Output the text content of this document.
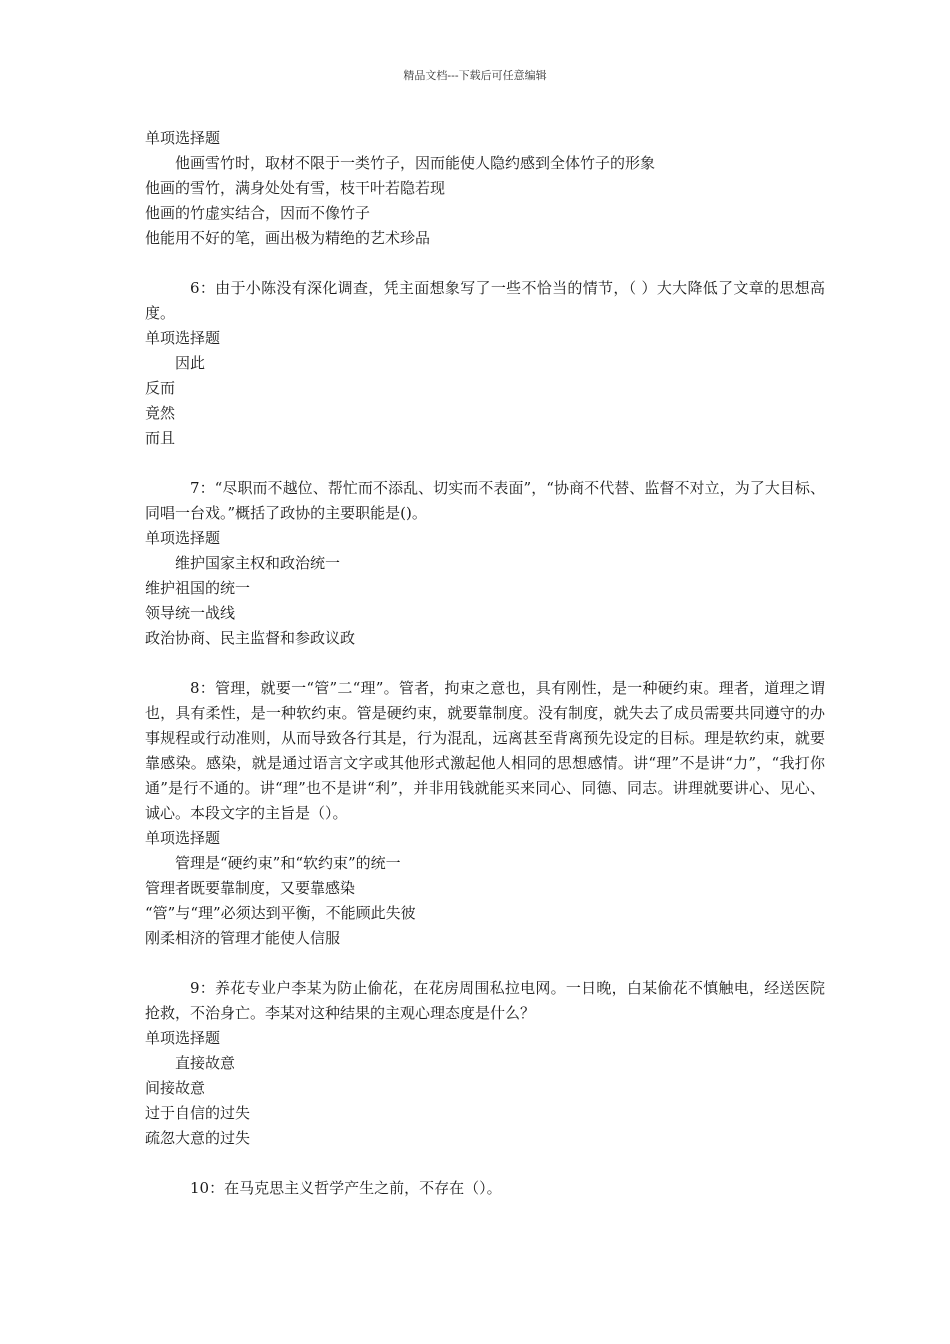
精品文档---下载后可任意编辑

单项选择题

他画雪竹时，取材不限于一类竹子，因而能使人隐约感到全体竹子的形象

他画的雪竹，满身处处有雪，枝干叶若隐若现

他画的竹虚实结合，因而不像竹子

他能用不好的笔，画出极为精绝的艺术珍品

6：由于小陈没有深化调查，凭主面想象写了一些不恰当的情节，（ ）大大降低了文章的思想高度。

单项选择题

因此

反而

竟然

而且

7：“尽职而不越位、帮忙而不添乱、切实而不表面”，“协商不代替、监督不对立，为了大目标、同唱一台戏。”概括了政协的主要职能是()。

单项选择题

维护国家主权和政治统一

维护祖国的统一

领导统一战线

政治协商、民主监督和参政议政

8：管理，就要一“管”二“理”。管者，拘束之意也，具有刚性，是一种硬约束。理者，道理之谓也，具有柔性，是一种软约束。管是硬约束，就要靠制度。没有制度，就失去了成员需要共同遵守的办事规程或行动准则，从而导致各行其是，行为混乱，远离甚至背离预先设定的目标。理是软约束，就要靠感染。感染，就是通过语言文字或其他形式激起他人相同的思想感情。讲“理”不是讲“力”，“我打你通”是行不通的。讲“理”也不是讲“利”，并非用钱就能买来同心、同德、同志。讲理就要讲心、见心、诚心。本段文字的主旨是（）。

单项选择题

管理是“硬约束”和“软约束”的统一

管理者既要靠制度，又要靠感染

“管”与“理”必须达到平衡，不能顾此失彼

刚柔相济的管理才能使人信服

9：养花专业户李某为防止偷花，在花房周围私拉电网。一日晚，白某偷花不慎触电，经送医院抢救，不治身亡。李某对这种结果的主观心理态度是什么？

单项选择题

直接故意

间接故意

过于自信的过失

疏忽大意的过失

10：在马克思主义哲学产生之前，不存在（）。
